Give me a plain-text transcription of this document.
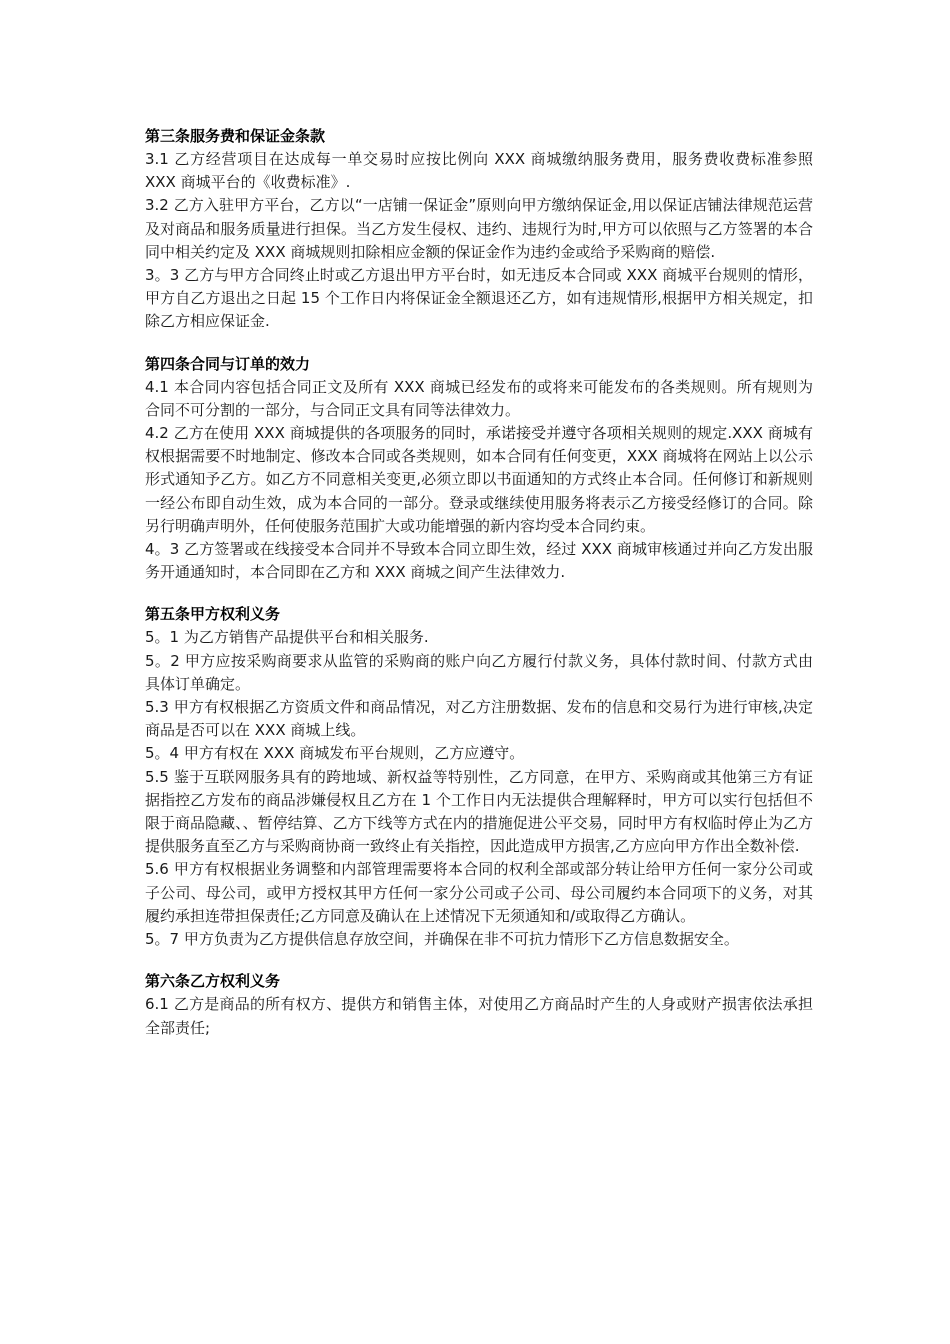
第三条服务费和保证金条款

3.1 乙方经营项目在达成每一单交易时应按比例向 XXX 商城缴纳服务费用，服务费收费标准参照 XXX 商城平台的《收费标准》.

3.2 乙方入驻甲方平台，乙方以“一店铺一保证金”原则向甲方缴纳保证金,用以保证店铺法律规范运营及对商品和服务质量进行担保。当乙方发生侵权、违约、违规行为时,甲方可以依照与乙方签署的本合同中相关约定及 XXX 商城规则扣除相应金额的保证金作为违约金或给予采购商的赔偿.

3。3 乙方与甲方合同终止时或乙方退出甲方平台时，如无违反本合同或 XXX 商城平台规则的情形，甲方自乙方退出之日起 15 个工作日内将保证金全额退还乙方，如有违规情形,根据甲方相关规定，扣除乙方相应保证金.

第四条合同与订单的效力

4.1 本合同内容包括合同正文及所有 XXX 商城已经发布的或将来可能发布的各类规则。所有规则为合同不可分割的一部分，与合同正文具有同等法律效力。

4.2 乙方在使用 XXX 商城提供的各项服务的同时，承诺接受并遵守各项相关规则的规定.XXX 商城有权根据需要不时地制定、修改本合同或各类规则，如本合同有任何变更，XXX 商城将在网站上以公示形式通知予乙方。如乙方不同意相关变更,必须立即以书面通知的方式终止本合同。任何修订和新规则一经公布即自动生效，成为本合同的一部分。登录或继续使用服务将表示乙方接受经修订的合同。除另行明确声明外，任何使服务范围扩大或功能增强的新内容均受本合同约束。

4。3 乙方签署或在线接受本合同并不导致本合同立即生效，经过 XXX 商城审核通过并向乙方发出服务开通通知时，本合同即在乙方和 XXX 商城之间产生法律效力.

第五条甲方权利义务

5。1 为乙方销售产品提供平台和相关服务.

5。2 甲方应按采购商要求从监管的采购商的账户向乙方履行付款义务，具体付款时间、付款方式由具体订单确定。

5.3 甲方有权根据乙方资质文件和商品情况，对乙方注册数据、发布的信息和交易行为进行审核,决定商品是否可以在 XXX 商城上线。

5。4 甲方有权在 XXX 商城发布平台规则，乙方应遵守。

5.5 鉴于互联网服务具有的跨地域、新权益等特别性，乙方同意，在甲方、采购商或其他第三方有证据指控乙方发布的商品涉嫌侵权且乙方在 1 个工作日内无法提供合理解释时，甲方可以实行包括但不限于商品隐藏、、暂停结算、乙方下线等方式在内的措施促进公平交易，同时甲方有权临时停止为乙方提供服务直至乙方与采购商协商一致终止有关指控，因此造成甲方损害,乙方应向甲方作出全数补偿.

5.6 甲方有权根据业务调整和内部管理需要将本合同的权利全部或部分转让给甲方任何一家分公司或子公司、母公司，或甲方授权其甲方任何一家分公司或子公司、母公司履约本合同项下的义务，对其履约承担连带担保责任;乙方同意及确认在上述情况下无须通知和/或取得乙方确认。

5。7 甲方负责为乙方提供信息存放空间，并确保在非不可抗力情形下乙方信息数据安全。

第六条乙方权利义务

6.1 乙方是商品的所有权方、提供方和销售主体，对使用乙方商品时产生的人身或财产损害依法承担全部责任;
